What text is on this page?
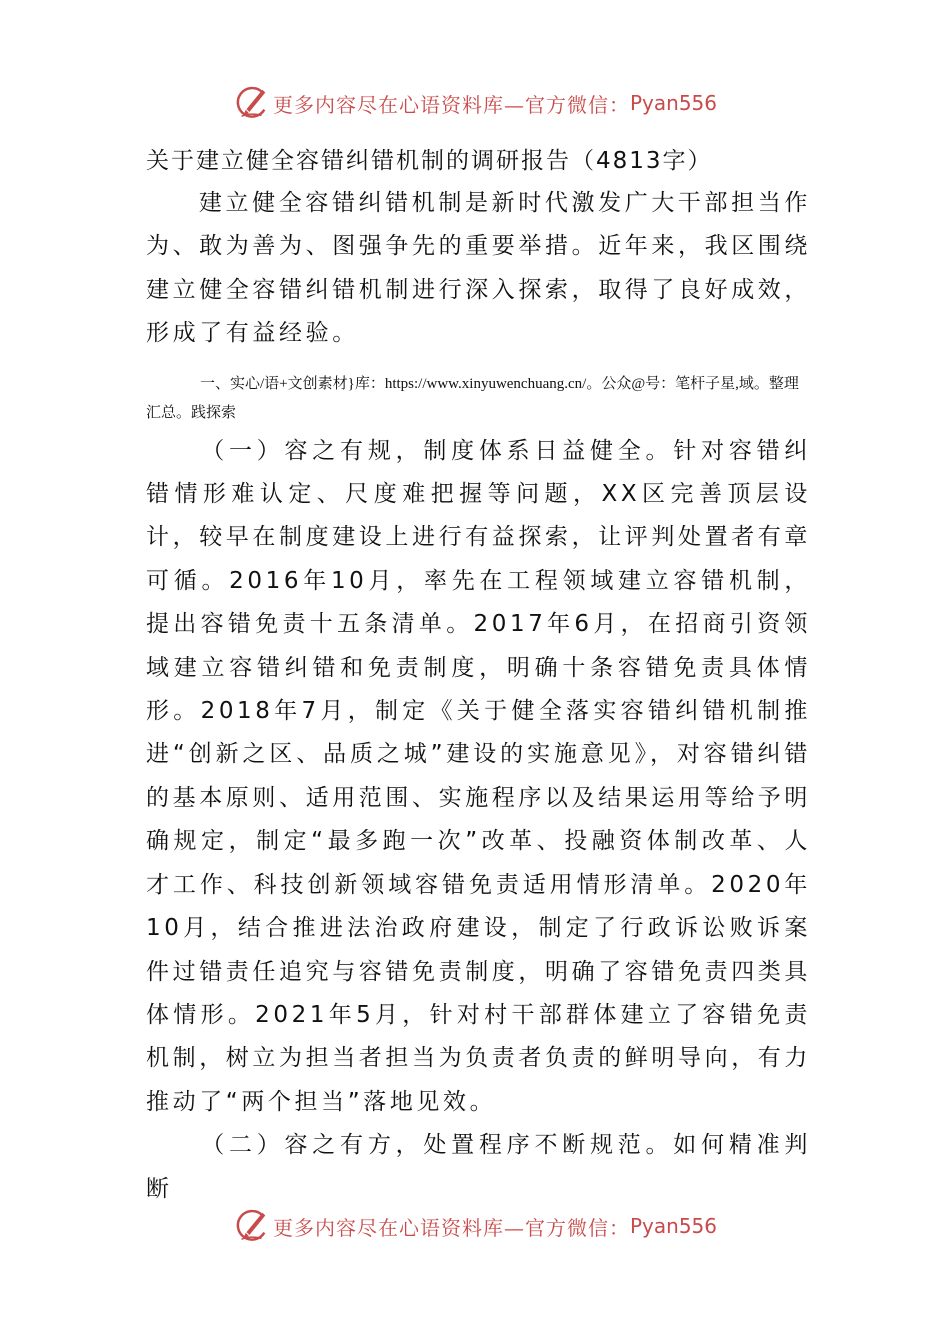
更多内容尽在心语资料库—官方微信： Pyan556

关于建立健全容错纠错机制的调研报告（4813字）

建立健全容错纠错机制是新时代激发广大干部担当作为、敢为善为、图强争先的重要举措。近年来，我区围绕建立健全容错纠错机制进行深入探索，取得了良好成效，形成了有益经验。

一、实心/语+文创素材}库：https://www.xinyuwenchuang.cn/。公众@号：笔杆子星,域。整理汇总。践探索

（一）容之有规，制度体系日益健全。针对容错纠错情形难认定、尺度难把握等问题，XX区完善顶层设计，较早在制度建设上进行有益探索，让评判处置者有章可循。2016年10月，率先在工程领域建立容错机制，提出容错免责十五条清单。2017年6月，在招商引资领域建立容错纠错和免责制度，明确十条容错免责具体情形。2018年7月，制定《关于健全落实容错纠错机制推进“创新之区、品质之城”建设的实施意见》，对容错纠错的基本原则、适用范围、实施程序以及结果运用等给予明确规定，制定“最多跑一次”改革、投融资体制改革、人才工作、科技创新领域容错免责适用情形清单。2020年10月，结合推进法治政府建设，制定了行政诉讼败诉案件过错责任追究与容错免责制度，明确了容错免责四类具体情形。2021年5月，针对村干部群体建立了容错免责机制，树立为担当者担当为负责者负责的鲜明导向，有力推动了“两个担当”落地见效。

（二）容之有方，处置程序不断规范。如何精准判断

更多内容尽在心语资料库—官方微信： Pyan556
